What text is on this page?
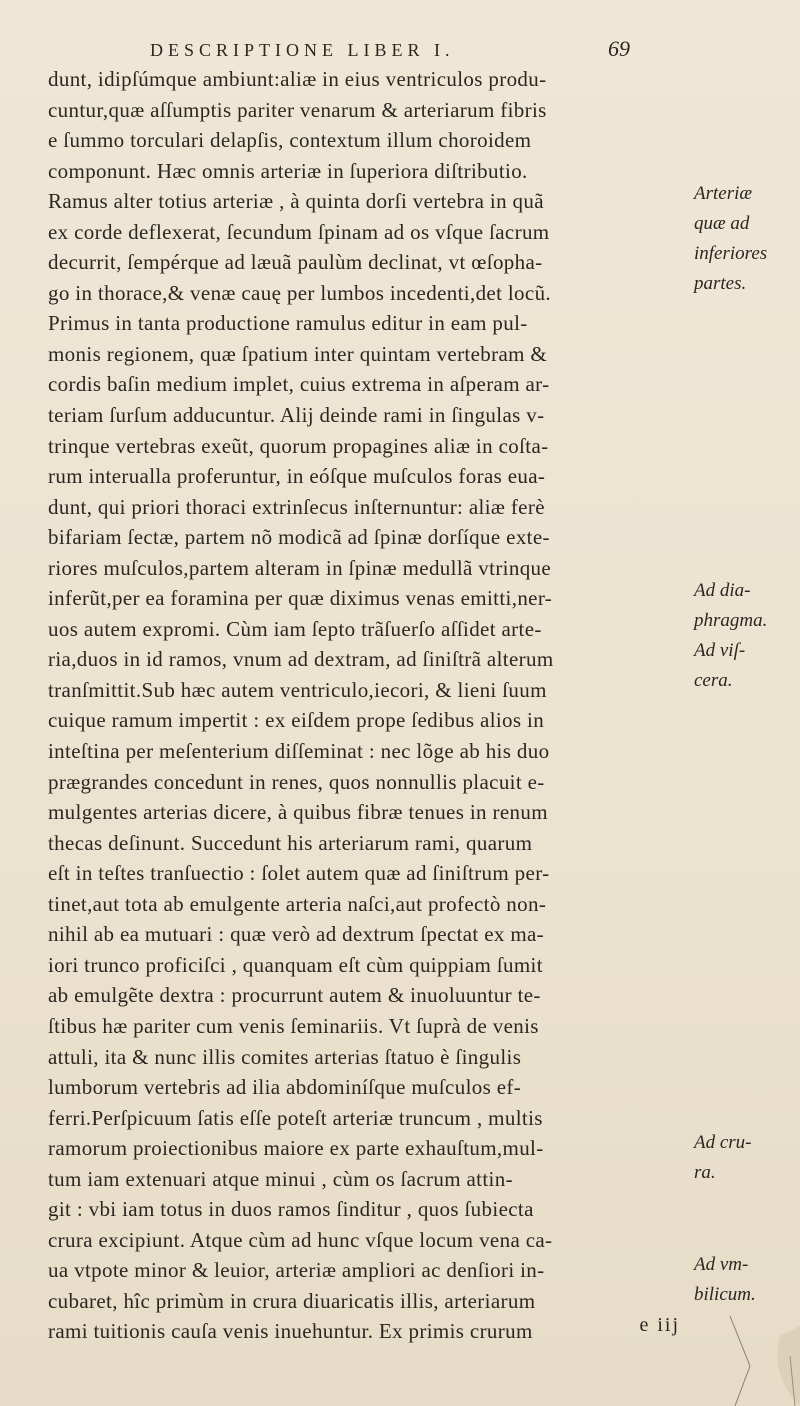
DESCRIPTIONE LIBER I.	69
dunt, idipſúmque ambiunt:aliæ in eius ventriculos produ-
cuntur,quæ aſſumptis pariter venarum & arteriarum fibris
e ſummo torculari delapſis, contextum illum choroidem
componunt. Hæc omnis arteriæ in ſuperiora diſtributio.
Ramus alter totius arteriæ , à quinta dorſi vertebra in quã
ex corde deflexerat, ſecundum ſpinam ad os vſque ſacrum
decurrit, ſempérque ad læuã paulùm declinat, vt œſopha-
go in thorace,& venæ cauę per lumbos incedenti,det locũ.
Primus in tanta productione ramulus editur in eam pul-
monis regionem, quæ ſpatium inter quintam vertebram &
cordis baſin medium implet, cuius extrema in aſperam ar-
teriam ſurſum adducuntur. Alij deinde rami in ſingulas v-
trinque vertebras exeũt, quorum propagines aliæ in coſta-
rum interualla proferuntur, in eóſque muſculos foras eua-
dunt, qui priori thoraci extrinſecus inſternuntur: aliæ ferè
bifariam ſectæ, partem nõ modicã ad ſpinæ dorſíque exte-
riores muſculos,partem alteram in ſpinæ medullã vtrinque
inferũt,per ea foramina per quæ diximus venas emitti,ner-
uos autem expromi. Cùm iam ſepto trãſuerſo aſſidet arte-
ria,duos in id ramos, vnum ad dextram, ad ſiniſtrã alterum
tranſmittit.Sub hæc autem ventriculo,iecori, & lieni ſuum
cuique ramum impertit : ex eiſdem prope ſedibus alios in
inteſtina per meſenterium diſſeminat : nec lõge ab his duo
prægrandes concedunt in renes, quos nonnullis placuit e-
mulgentes arterias dicere, à quibus fibræ tenues in renum
thecas deſinunt. Succedunt his arteriarum rami, quarum
eſt in teſtes tranſuectio : ſolet autem quæ ad ſiniſtrum per-
tinet,aut tota ab emulgente arteria naſci,aut profectò non-
nihil ab ea mutuari : quæ verò ad dextrum ſpectat ex ma-
iori trunco proficiſci , quanquam eſt cùm quippiam ſumit
ab emulgẽte dextra : procurrunt autem & inuoluuntur te-
ſtibus hæ pariter cum venis ſeminariis. Vt ſuprà de venis
attuli, ita & nunc illis comites arterias ſtatuo è ſingulis
lumborum vertebris ad ilia abdominíſque muſculos ef-
ferri.Perſpicuum ſatis eſſe poteſt arteriæ truncum , multis
ramorum proiectionibus maiore ex parte exhauſtum,mul-
tum iam extenuari atque minui , cùm os ſacrum attin-
git : vbi iam totus in duos ramos ſinditur , quos ſubiecta
crura excipiunt. Atque cùm ad hunc vſque locum vena ca-
ua vtpote minor & leuior, arteriæ ampliori ac denſiori in-
cubaret, hîc primùm in crura diuaricatis illis, arteriarum
rami tuitionis cauſa venis inuehuntur. Ex primis crurum
Arteriæ
quæ ad
inferiores
partes.
Ad dia-
phragma.
Ad viſ-
cera.
Ad cru-
ra.
Ad vm-
bilicum.
e iij
